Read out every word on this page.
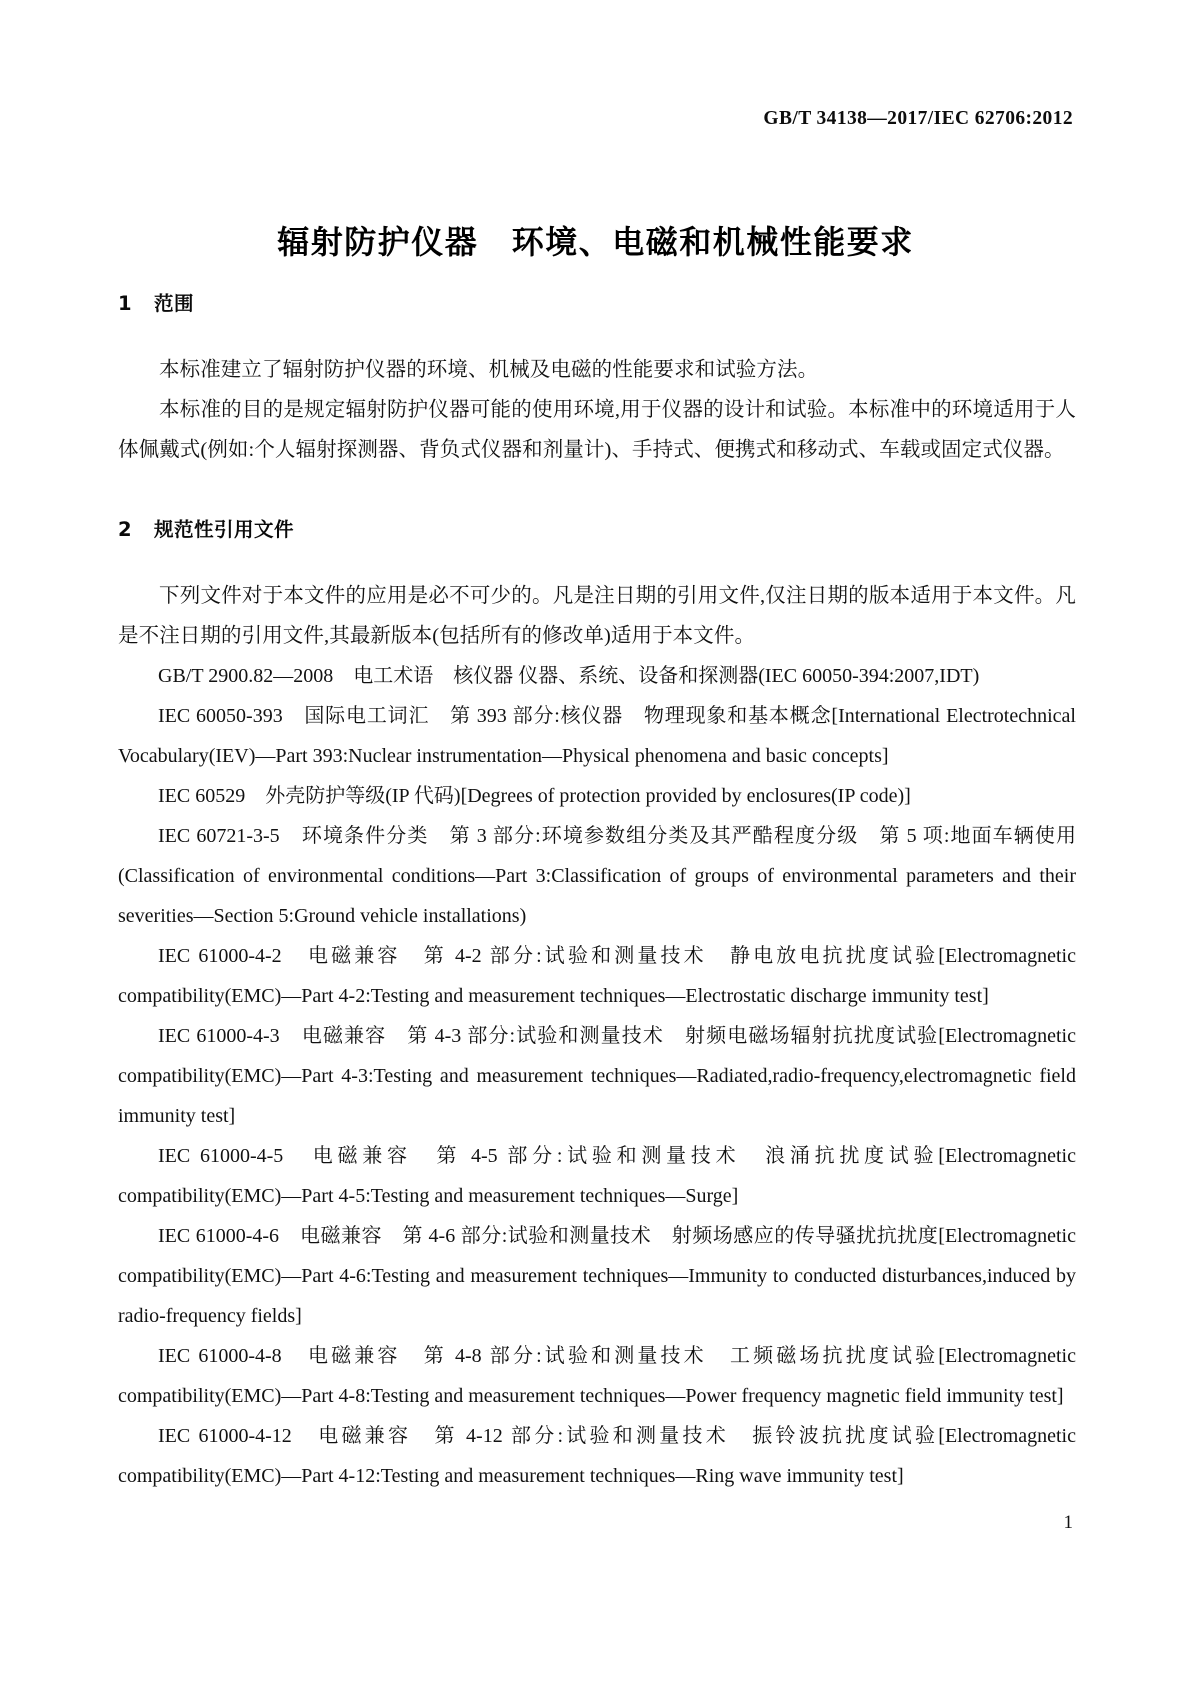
GB/T 34138—2017/IEC 62706:2012
辐射防护仪器　环境、电磁和机械性能要求
1 范围

本标准建立了辐射防护仪器的环境、机械及电磁的性能要求和试验方法。

本标准的目的是规定辐射防护仪器可能的使用环境,用于仪器的设计和试验。本标准中的环境适用于人体佩戴式(例如:个人辐射探测器、背负式仪器和剂量计)、手持式、便携式和移动式、车载或固定式仪器。

2 规范性引用文件

下列文件对于本文件的应用是必不可少的。凡是注日期的引用文件,仅注日期的版本适用于本文件。凡是不注日期的引用文件,其最新版本(包括所有的修改单)适用于本文件。

GB/T 2900.82—2008　电工术语　核仪器 仪器、系统、设备和探测器(IEC 60050-394:2007,IDT)

IEC 60050-393　国际电工词汇　第 393 部分:核仪器　物理现象和基本概念[International Electrotechnical Vocabulary(IEV)—Part 393:Nuclear instrumentation—Physical phenomena and basic concepts]

IEC 60529　外壳防护等级(IP 代码)[Degrees of protection provided by enclosures(IP code)]

IEC 60721-3-5　环境条件分类　第 3 部分:环境参数组分类及其严酷程度分级　第 5 项:地面车辆使用(Classification of environmental conditions—Part 3:Classification of groups of environmental parameters and their severities—Section 5:Ground vehicle installations)

IEC 61000-4-2　电磁兼容　第 4-2 部分:试验和测量技术　静电放电抗扰度试验[Electromagnetic compatibility(EMC)—Part 4-2:Testing and measurement techniques—Electrostatic discharge immunity test]

IEC 61000-4-3　电磁兼容　第 4-3 部分:试验和测量技术　射频电磁场辐射抗扰度试验[Electromagnetic compatibility(EMC)—Part 4-3:Testing and measurement techniques—Radiated,radio-frequency,electromagnetic field immunity test]

IEC 61000-4-5　电磁兼容　第 4-5 部分:试验和测量技术　浪涌抗扰度试验[Electromagnetic compatibility(EMC)—Part 4-5:Testing and measurement techniques—Surge]

IEC 61000-4-6　电磁兼容　第 4-6 部分:试验和测量技术　射频场感应的传导骚扰抗扰度[Electromagnetic compatibility(EMC)—Part 4-6:Testing and measurement techniques—Immunity to conducted disturbances,induced by radio-frequency fields]

IEC 61000-4-8　电磁兼容　第 4-8 部分:试验和测量技术　工频磁场抗扰度试验[Electromagnetic compatibility(EMC)—Part 4-8:Testing and measurement techniques—Power frequency magnetic field immunity test]

IEC 61000-4-12　电磁兼容　第 4-12 部分:试验和测量技术　振铃波抗扰度试验[Electromagnetic compatibility(EMC)—Part 4-12:Testing and measurement techniques—Ring wave immunity test]

1
